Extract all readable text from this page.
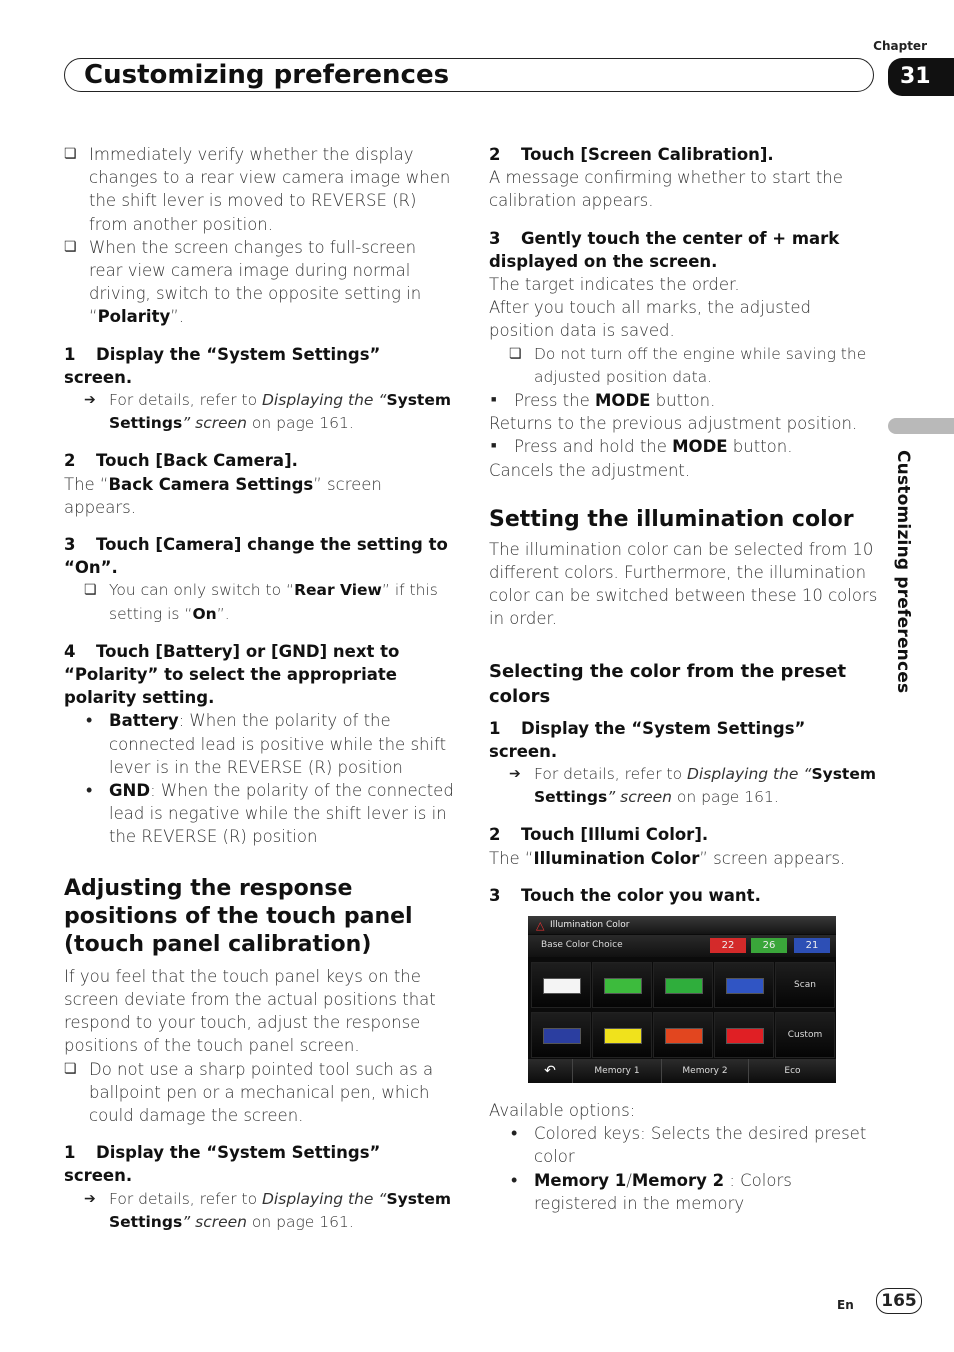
Chapter
Customizing preferences	31
Customizing preferences

❏ Immediately verify whether the display changes to a rear view camera image when the shift lever is moved to REVERSE (R) from another position.

❏ When the screen changes to full-screen rear view camera image during normal driving, switch to the opposite setting in “Polarity”.

1 Display the “System Settings” screen.

➔ For details, refer to Displaying the “System Settings” screen on page 161.

2 Touch [Back Camera].

The “Back Camera Settings” screen appears.

3 Touch [Camera] change the setting to “On”.

❏ You can only switch to “Rear View” if this setting is “On”.

4 Touch [Battery] or [GND] next to “Polarity” to select the appropriate polarity setting.

• Battery: When the polarity of the connected lead is positive while the shift lever is in the REVERSE (R) position

• GND: When the polarity of the connected lead is negative while the shift lever is in the REVERSE (R) position

Adjusting the response positions of the touch panel (touch panel calibration)

If you feel that the touch panel keys on the screen deviate from the actual positions that respond to your touch, adjust the response positions of the touch panel screen.

❏ Do not use a sharp pointed tool such as a ballpoint pen or a mechanical pen, which could damage the screen.

1 Display the “System Settings” screen.

➔ For details, refer to Displaying the “System Settings” screen on page 161.

2 Touch [Screen Calibration].

A message confirming whether to start the calibration appears.

3 Gently touch the center of + mark displayed on the screen.

The target indicates the order.

After you touch all marks, the adjusted position data is saved.

❏ Do not turn off the engine while saving the adjusted position data.

■ Press the MODE button.

Returns to the previous adjustment position.

■ Press and hold the MODE button.

Cancels the adjustment.

Setting the illumination color

The illumination color can be selected from 10 different colors. Furthermore, the illumination color can be switched between these 10 colors in order.

Selecting the color from the preset colors

1 Display the “System Settings” screen.

➔ For details, refer to Displaying the “System Settings” screen on page 161.

2 Touch [Illumi Color].

The “Illumination Color” screen appears.

3 Touch the color you want.

△ Illumination Color
Base Color Choice	22	26	21
Scan
Custom
↶	Memory 1	Memory 2	Eco

Available options:

• Colored keys: Selects the desired preset color

• Memory 1/Memory 2 : Colors registered in the memory

En	165
